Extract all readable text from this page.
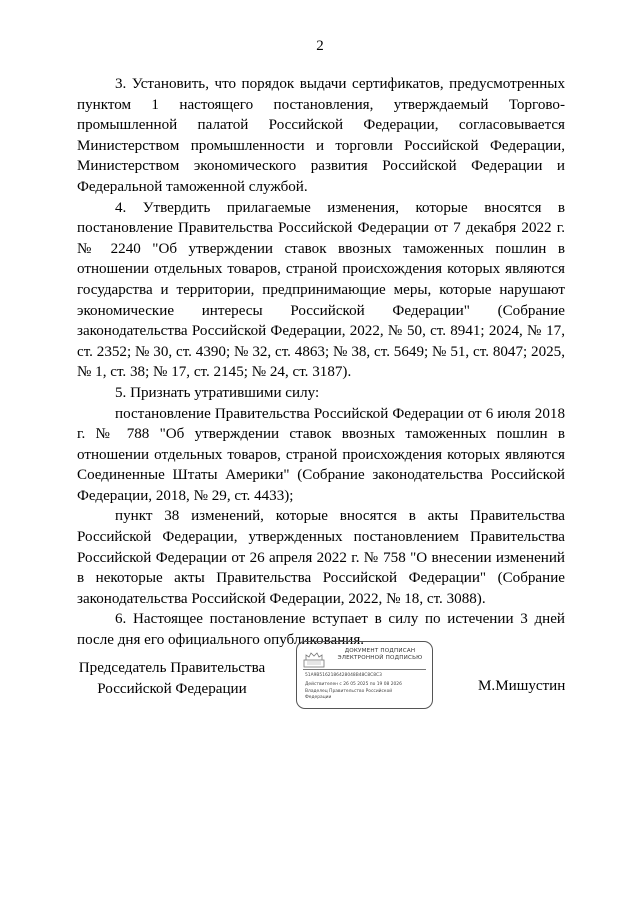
2

3. Установить, что порядок выдачи сертификатов, предусмотренных пунктом 1 настоящего постановления, утверждаемый Торгово-промышленной палатой Российской Федерации, согласовывается Министерством промышленности и торговли Российской Федерации, Министерством экономического развития Российской Федерации и Федеральной таможенной службой.

4. Утвердить прилагаемые изменения, которые вносятся в постановление Правительства Российской Федерации от 7 декабря 2022 г. № 2240 "Об утверждении ставок ввозных таможенных пошлин в отношении отдельных товаров, страной происхождения которых являются государства и территории, предпринимающие меры, которые нарушают экономические интересы Российской Федерации" (Собрание законодательства Российской Федерации, 2022, № 50, ст. 8941; 2024, № 17, ст. 2352; № 30, ст. 4390; № 32, ст. 4863; № 38, ст. 5649; № 51, ст. 8047; 2025, № 1, ст. 38; № 17, ст. 2145; № 24, ст. 3187).

5. Признать утратившими силу:

постановление Правительства Российской Федерации от 6 июля 2018 г. № 788 "Об утверждении ставок ввозных таможенных пошлин в отношении отдельных товаров, страной происхождения которых являются Соединенные Штаты Америки" (Собрание законодательства Российской Федерации, 2018, № 29, ст. 4433);

пункт 38 изменений, которые вносятся в акты Правительства Российской Федерации, утвержденных постановлением Правительства Российской Федерации от 26 апреля 2022 г. № 758 "О внесении изменений в некоторые акты Правительства Российской Федерации" (Собрание законодательства Российской Федерации, 2022, № 18, ст. 3088).

6. Настоящее постановление вступает в силу по истечении 3 дней после дня его официального опубликования.

Председатель Правительства
Российской Федерации
ДОКУМЕНТ ПОДПИСАН
ЭЛЕКТРОННОЙ ПОДПИСЬЮ
51A9B5162186428048B48C8C8C3
Действителен с 26 05 2025 по 19 08 2026
Владелец Правительство Российской
Федерации
М.Мишустин
